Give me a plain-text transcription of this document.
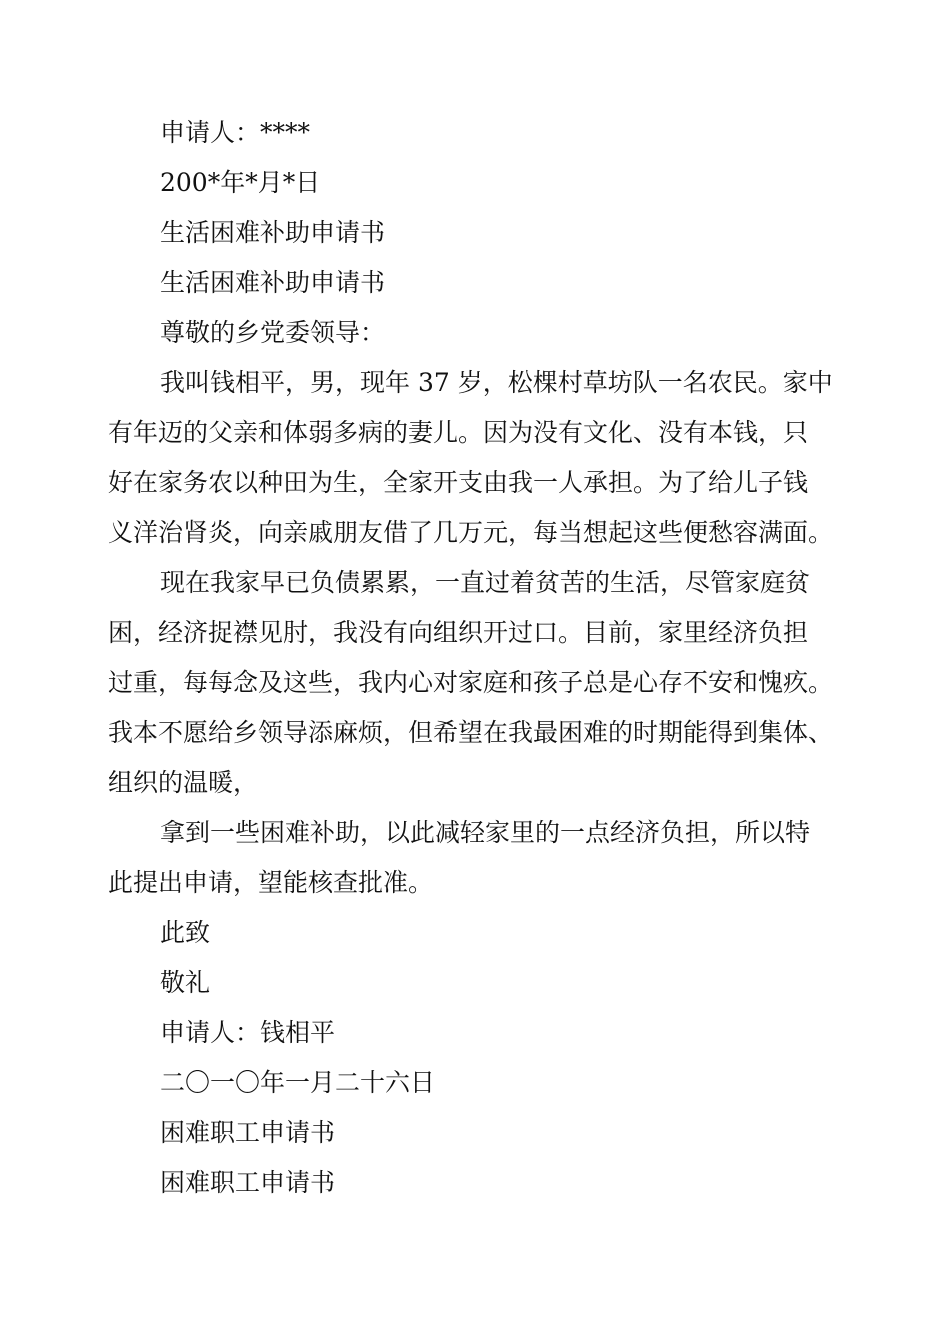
申请人：****
200*年*月*日
生活困难补助申请书
生活困难补助申请书
尊敬的乡党委领导：
我叫钱相平，男，现年 37 岁，松棵村草坊队一名农民。家中
有年迈的父亲和体弱多病的妻儿。因为没有文化、没有本钱，只
好在家务农以种田为生，全家开支由我一人承担。为了给儿子钱
义洋治肾炎，向亲戚朋友借了几万元，每当想起这些便愁容满面。
现在我家早已负债累累，一直过着贫苦的生活，尽管家庭贫
困，经济捉襟见肘，我没有向组织开过口。目前，家里经济负担
过重，每每念及这些，我内心对家庭和孩子总是心存不安和愧疚。
我本不愿给乡领导添麻烦，但希望在我最困难的时期能得到集体、
组织的温暖，
拿到一些困难补助，以此减轻家里的一点经济负担，所以特
此提出申请，望能核查批准。
此致
敬礼
申请人：钱相平
二〇一〇年一月二十六日
困难职工申请书
困难职工申请书
